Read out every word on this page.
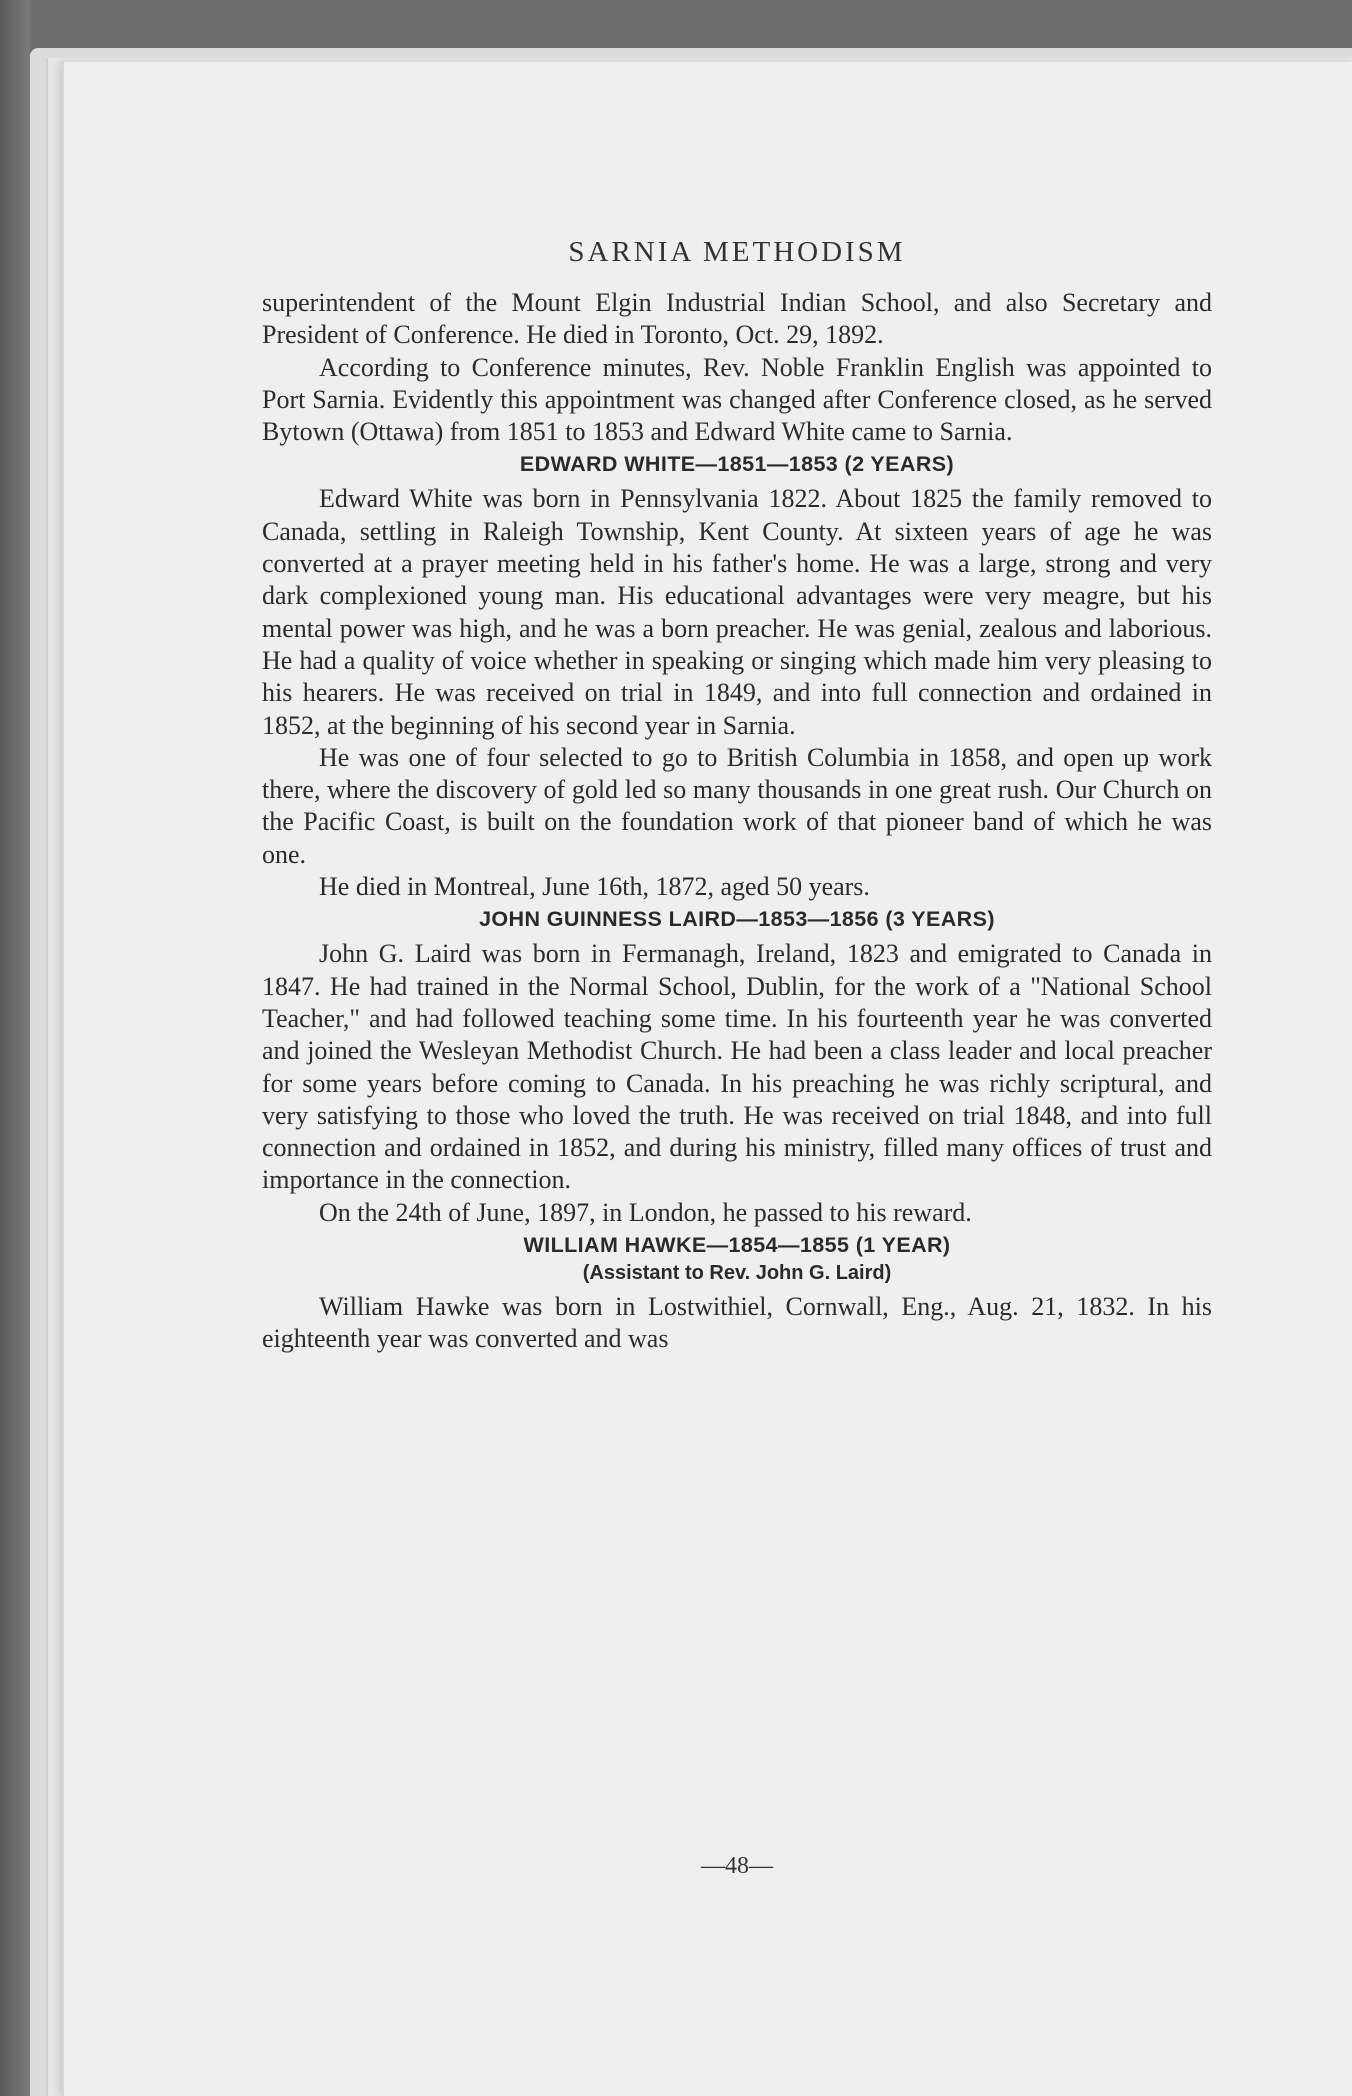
SARNIA METHODISM

superintendent of the Mount Elgin Industrial Indian School, and also Secretary and President of Conference. He died in Toronto, Oct. 29, 1892.

According to Conference minutes, Rev. Noble Franklin English was appointed to Port Sarnia. Evidently this appointment was changed after Conference closed, as he served Bytown (Ottawa) from 1851 to 1853 and Edward White came to Sarnia.

EDWARD WHITE—1851—1853 (2 YEARS)

Edward White was born in Pennsylvania 1822. About 1825 the family removed to Canada, settling in Raleigh Township, Kent County. At sixteen years of age he was converted at a prayer meeting held in his father's home. He was a large, strong and very dark complexioned young man. His educational advantages were very meagre, but his mental power was high, and he was a born preacher. He was genial, zealous and laborious. He had a quality of voice whether in speaking or singing which made him very pleasing to his hearers. He was received on trial in 1849, and into full connection and ordained in 1852, at the beginning of his second year in Sarnia.

He was one of four selected to go to British Columbia in 1858, and open up work there, where the discovery of gold led so many thousands in one great rush. Our Church on the Pacific Coast, is built on the foundation work of that pioneer band of which he was one.

He died in Montreal, June 16th, 1872, aged 50 years.

JOHN GUINNESS LAIRD—1853—1856 (3 YEARS)

John G. Laird was born in Fermanagh, Ireland, 1823 and emigrated to Canada in 1847. He had trained in the Normal School, Dublin, for the work of a "National School Teacher," and had followed teaching some time. In his fourteenth year he was converted and joined the Wesleyan Methodist Church. He had been a class leader and local preacher for some years before coming to Canada. In his preaching he was richly scriptural, and very satisfying to those who loved the truth. He was received on trial 1848, and into full connection and ordained in 1852, and during his ministry, filled many offices of trust and importance in the connection.

On the 24th of June, 1897, in London, he passed to his reward.

WILLIAM HAWKE—1854—1855 (1 YEAR)
(Assistant to Rev. John G. Laird)

William Hawke was born in Lostwithiel, Cornwall, Eng., Aug. 21, 1832. In his eighteenth year was converted and was

—48—
